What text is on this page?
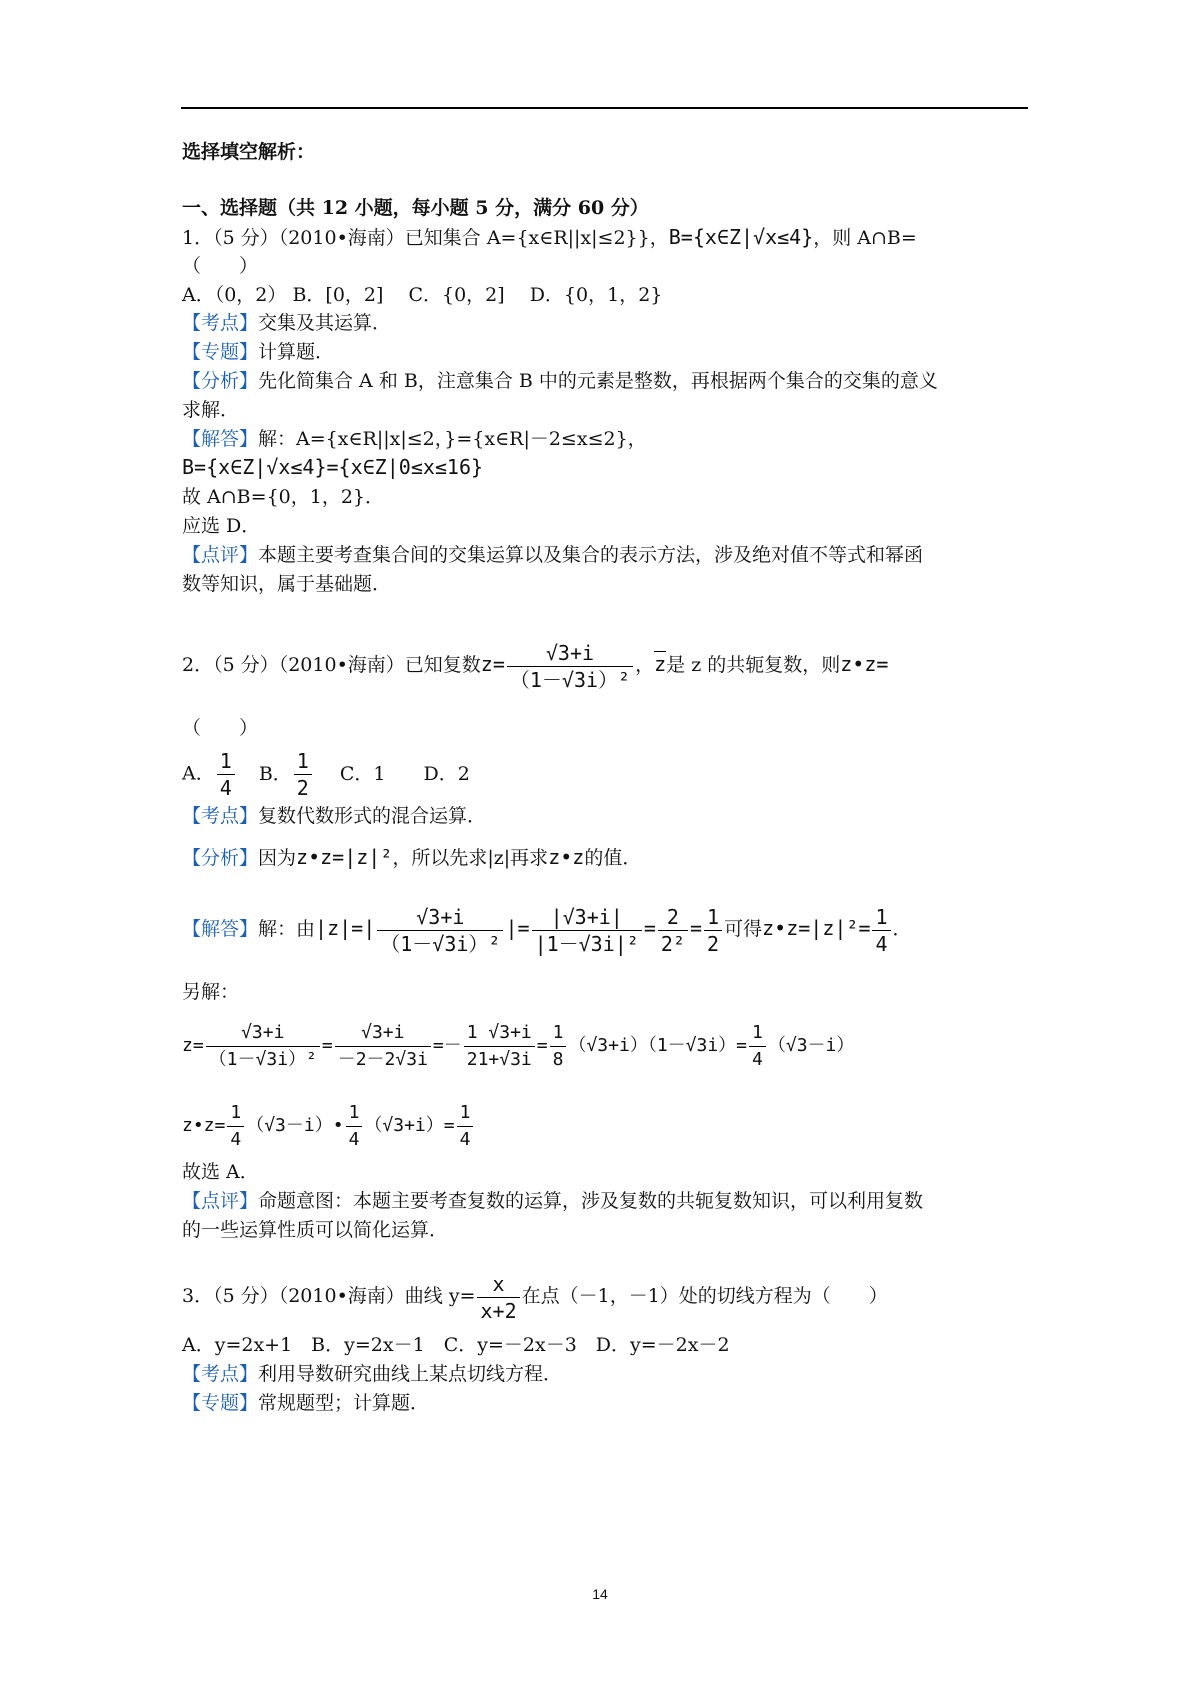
选择填空解析：
一、选择题（共 12 小题，每小题 5 分，满分 60 分）
1．（5 分）（2010•海南）已知集合 A={x∈R||x|≤2}}，B={x∈Z|√x≤4}，则 A∩B=
（　　）
A．（0，2） B．[0，2]　 C．{0，2]　 D．{0，1，2}
【考点】交集及其运算．
【专题】计算题．
【分析】先化简集合 A 和 B，注意集合 B 中的元素是整数，再根据两个集合的交集的意义
求解．
【解答】解：A={x∈R||x|≤2，}={x∈R|－2≤x≤2}，
B={x∈Z|√x≤4}={x∈Z|0≤x≤16}
故 A∩B={0，1，2}．
应选 D．
【点评】本题主要考查集合间的交集运算以及集合的表示方法，涉及绝对值不等式和幂函
数等知识，属于基础题．
2．（5 分）（2010•海南）已知复数$z= \frac{√3+i}{\text{（1－√3i）²}}$ ，z是 z 的共轭复数，则z•z=
（　　）
A． $\frac{1}{4}$ B． $\frac{1}{2}$ C．1　　D．2
【考点】复数代数形式的混合运算．
【分析】因为z•z=|z|²，所以先求|z|再求z•z的值．
【解答】解：由$|z|=| \frac{√3+i}{\text{（1－√3i）²}}$ |= $\frac{|√3+i|}{\text{|1－√3i|²}} = \frac{2}{\text{2²}} = \frac{1}{2}$ 可得z•z=|z|²= $\frac{1}{4}$ ．
另解：
$z= \frac{√3+i}{\text{（1－√3i）²}} = \frac{√3+i}{-2-2√3i} =- \frac{1 √3+i}{21+√3i} = \frac{1}{8} (√3+i)(1-√3i)= \frac{1}{4} (√3-i)$
z•z= $\frac{1}{4}$ （√3－i）• $\frac{1}{4} (√3+i)= \frac{1}{4}$
故选 A．
【点评】命题意图：本题主要考查复数的运算，涉及复数的共轭复数知识，可以利用复数
的一些运算性质可以简化运算．
3．（5 分）（2010•海南）曲线 $y= \frac{x}{x+2}$ 在点（－1，－1）处的切线方程为（　　）
A．y=2x+1　B．y=2x－1　C．y=－2x－3　D．y=－2x－2
【考点】利用导数研究曲线上某点切线方程．
【专题】常规题型；计算题．
14
